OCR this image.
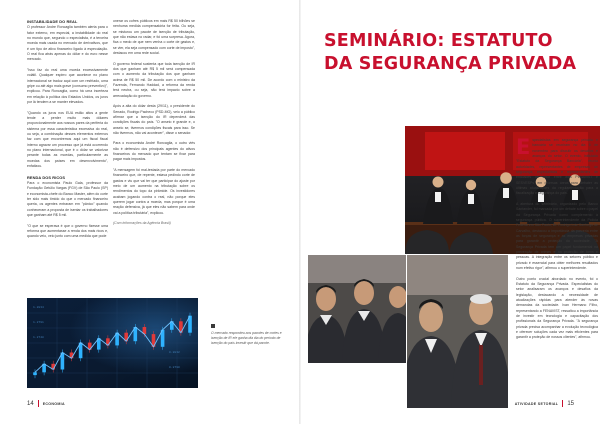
INSTABILIDADE DO REAL

O professor Andre Roncaglia também alerta para o fator externo, em especial, a instabilidade do real no mundo que, segundo o especialista, é a terceira moeda mais usada no mercado de derivativos, que é um tipo de ativo financeiro ligado à especulação. O real fica atrás apenas do dólar e do euro nesse mercado.

"Isso faz do real uma moeda excessivamente volátil. Qualquer espirro que acontece no plano internacional se traduz aqui com um resfriado, uma gripe ou até algo mais grave (consumo preventivo)", explicou. Para Roncaglia, como há uma incerteza em relação à política dos Estados Unidos, os juros por lá tendem a se manter elevados.

"Quando os juros nos EUA estão altos a gente tende a perder muito mais dólares proporcionalmente aos nossos pares da periferia do sistema por essa característica excessiva do real, ou seja, a combinação desses elementos externos faz com que encontremos aqui um fiscal fiscal interno agravar um processo que já está ocorrendo no plano internacional, que é o dólar se valorizar perante todas as moedas, particularmente as moedas dos países em desenvolvimento", enfatizou.

RENDA DOS RICOS

Para o economista Paulo Gala, professor da Fundação Getúlio Vargas (FGV) de São Paulo (SP) e economista-chefe do Banco Master, além do corte ter sido mais tímido do que o mercado financeiro queria, os agentes entraram em "pânico" quando conheceram a proposta de isentar os trabalhadores que ganham até R$ 5 mil.

"O que se esperava é que o governo fizesse uma reforma que aumentasse a renda dos mais ricos e, quando veio, veio junto com uma medida que pode

onerar os cofres públicos em mais R$ 50 bilhões se nenhuma medida compensatória for feita. Ou seja, se misturou um pacote de isenção de tributação, que não estava no radar, e foi uma surpresa. Agora, fica o medo de que nem venha o corte de gastos e, se vier, ela seja compensado com corte de imposto", destacou em uma rede social.

O governo federal sustenta que toda isenção de IR dos que ganham até R$ 5 mil será compensada com o aumento da tributação dos que ganham acima de R$ 50 mil. De acordo com o ministro da Fazenda, Fernando Haddad, a reforma da renda terá neutra, ou seja, não terá impacto sobre a arrecadação do governo.

Após a alta do dólar desta (29/11), o presidente do Senado, Rodrigo Pacheco (PSD-MG), veio a público afirmar que a isenção do IR dependerá das condições fiscais do país. "O anseio é grande e, o anseio se, tivermos condições fiscais para isso. Se não tivermos, não vai acontecer", disse o senador.

Para o economista André Roncaglia, o outro viés não é defensivo dos principais agentes do ativos financeiros do mercado que tentam se fixar para pagar mais impostos.

"A mensagem foi mal-testada por parte do mercado financeiro que, de repente, estava pedindo corte de gastos e viu que vai ter que participar do ajuste por meio de um aumento na tributação sobre os rendimentos do topo da pirâmide. Os investidores acabam jogando contra o real, não porque eles querem jogar contra a moeda, mas porque é uma reação defensiva, já que eles não sabem para onde vai a política tributária", explicou.

(Com informações da Agência Brasil)

1.2834
1.2791
1.2748
0.8832
0.8790
O mercado respondeu aos pacotes de cortes e isenção de IR ele ganha dia dia do período de isenção do país investir que dá pacote.
14	ECONOMIA
SEMINÁRIO: ESTATUTO DA SEGURANÇA PRIVADA

Especialistas em segurança privada e bancária se reuniram no dia 6 de novembro para discutir os desafios e avanços do setor. O evento, intitulado "Estatuto da Segurança Bancária", reuniu autoridades, representantes de empresas de segurança, especialistas e representantes de entidades de setor entre eles PENAVIST e SESVESPs, em diversas áreas para debater as últimas atualizações da regulamentação para a fiscalização e segurança do país.

A abertura do seminário, organizado pelo Banco Santander, foi marcada por um debate sobre o papel da Segurança Privada como complemento à segurança pública. O superintendente da Polícia Federal em São Paulo, Dr. Rodrigo Luiz Sanfurgo de Carvalho, destacou a importância da parceria entre as forças de segurança e as empresas privadas para garantir a proteção da sociedade. "A Segurança Privada tem um papel fundamental na prevenção de crimes e na proteção de bens e pessoas. A integração entre os setores público e privado é essencial para obter melhores resultados num efetivo rigor", afirmou o superintendente.

Outro ponto crucial abordado no evento, foi o Estatuto da Segurança Privada. Especialistas do setor analisaram os avanços e desafios da legislação, destacando a necessidade de atualizações rápidas para atender às novas demandas da sociedade. Ivan Hermano Filho, representando a FENAVIST, ressaltou a importância de investir em tecnologia e capacitação dos profissionais da Segurança Privada. "A segurança privada precisa acompanhar a evolução tecnológica e oferecer soluções cada vez mais eficientes para garantir a proteção de nossos clientes", afirmou.

ATIVIDADE SETORIAL 15
